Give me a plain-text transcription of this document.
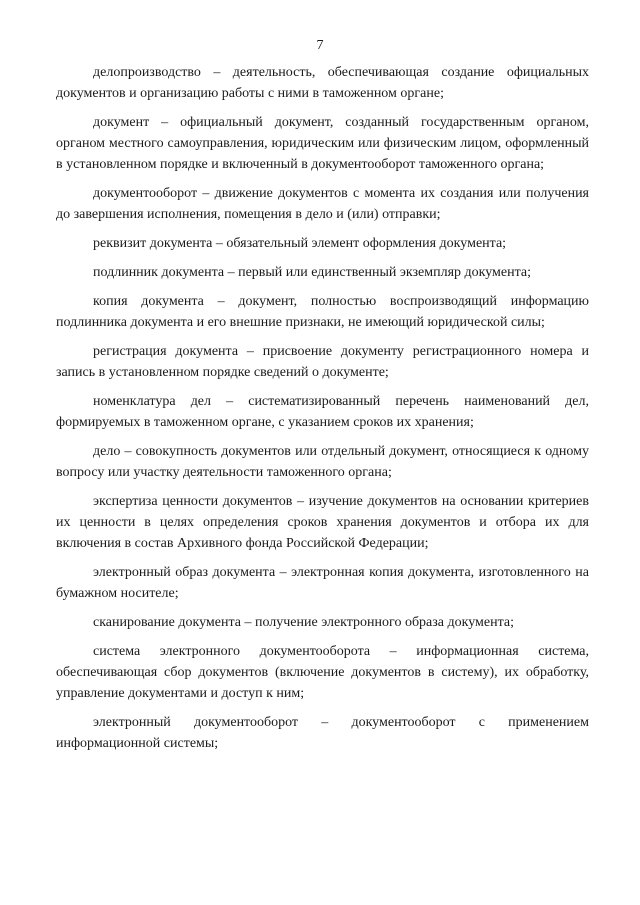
7

делопроизводство – деятельность, обеспечивающая создание официальных документов и организацию работы с ними в таможенном органе;

документ – официальный документ, созданный государственным органом, органом местного самоуправления, юридическим или физическим лицом, оформленный в установленном порядке и включенный в документооборот таможенного органа;

документооборот – движение документов с момента их создания или получения до завершения исполнения, помещения в дело и (или) отправки;

реквизит документа – обязательный элемент оформления документа;

подлинник документа – первый или единственный экземпляр документа;

копия документа – документ, полностью воспроизводящий информацию подлинника документа и его внешние признаки, не имеющий юридической силы;

регистрация документа – присвоение документу регистрационного номера и запись в установленном порядке сведений о документе;

номенклатура дел – систематизированный перечень наименований дел, формируемых в таможенном органе, с указанием сроков их хранения;

дело – совокупность документов или отдельный документ, относящиеся к одному вопросу или участку деятельности таможенного органа;

экспертиза ценности документов – изучение документов на основании критериев их ценности в целях определения сроков хранения документов и отбора их для включения в состав Архивного фонда Российской Федерации;

электронный образ документа – электронная копия документа, изготовленного на бумажном носителе;

сканирование документа – получение электронного образа документа;

система электронного документооборота – информационная система, обеспечивающая сбор документов (включение документов в систему), их обработку, управление документами и доступ к ним;

электронный документооборот – документооборот с применением информационной системы;
